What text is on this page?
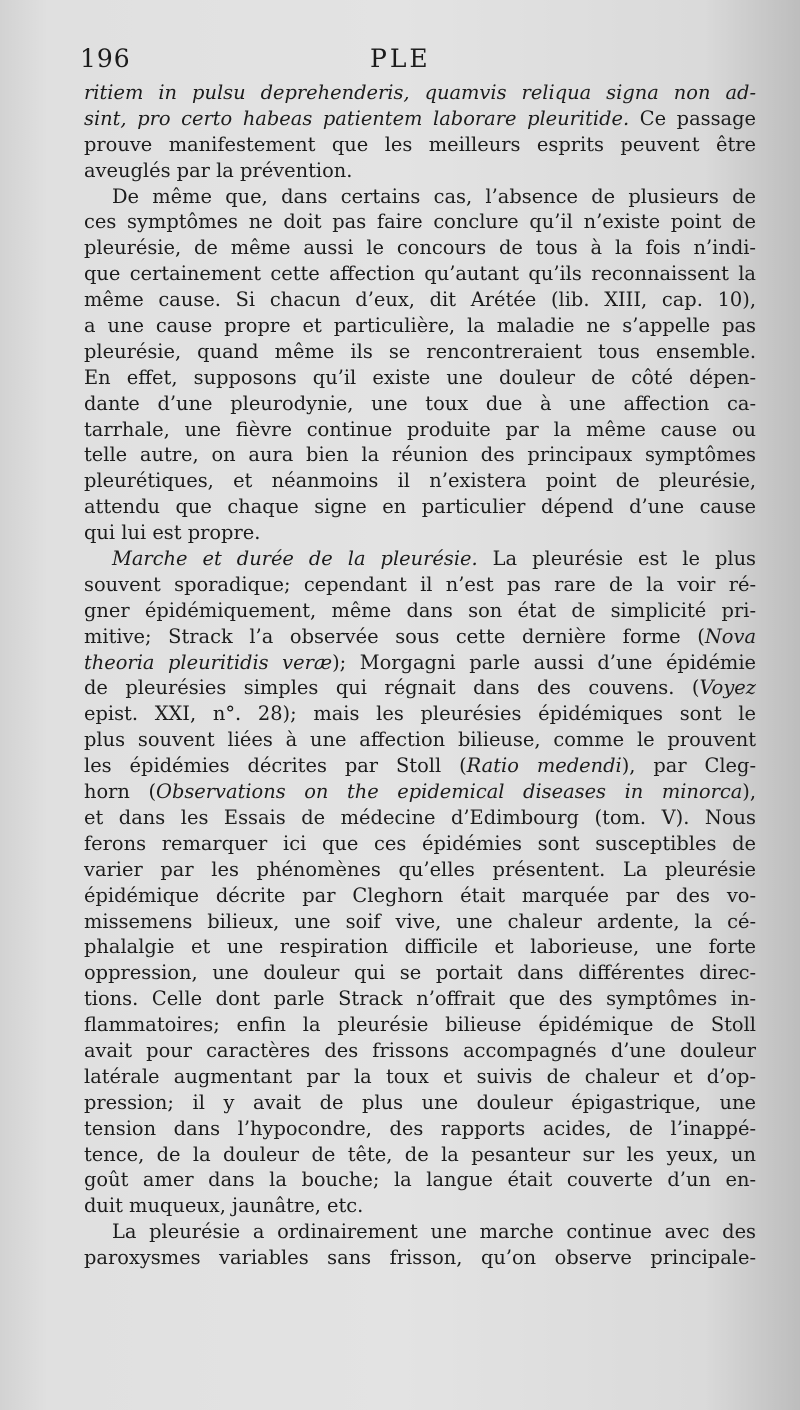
196	PLE
ritiem in pulsu deprehenderis, quamvis reliqua signa non ad-
sint, pro certo habeas patientem laborare pleuritide. Ce passage
prouve manifestement que les meilleurs esprits peuvent être
aveuglés par la prévention.
De même que, dans certains cas, l’absence de plusieurs de
ces symptômes ne doit pas faire conclure qu’il n’existe point de
pleurésie, de même aussi le concours de tous à la fois n’indi-
que certainement cette affection qu’autant qu’ils reconnaissent la
même cause. Si chacun d’eux, dit Arétée (lib. XIII, cap. 10),
a une cause propre et particulière, la maladie ne s’appelle pas
pleurésie, quand même ils se rencontreraient tous ensemble.
En effet, supposons qu’il existe une douleur de côté dépen-
dante d’une pleurodynie, une toux due à une affection ca-
tarrhale, une fièvre continue produite par la même cause ou
telle autre, on aura bien la réunion des principaux symptômes
pleurétiques, et néanmoins il n’existera point de pleurésie,
attendu que chaque signe en particulier dépend d’une cause
qui lui est propre.
Marche et durée de la pleurésie. La pleurésie est le plus
souvent sporadique; cependant il n’est pas rare de la voir ré-
gner épidémiquement, même dans son état de simplicité pri-
mitive; Strack l’a observée sous cette dernière forme (Nova
theoria pleuritidis veræ); Morgagni parle aussi d’une épidémie
de pleurésies simples qui régnait dans des couvens. (Voyez
epist. XXI, n°. 28); mais les pleurésies épidémiques sont le
plus souvent liées à une affection bilieuse, comme le prouvent
les épidémies décrites par Stoll (Ratio medendi), par Cleg-
horn (Observations on the epidemical diseases in minorca),
et dans les Essais de médecine d’Edimbourg (tom. V). Nous
ferons remarquer ici que ces épidémies sont susceptibles de
varier par les phénomènes qu’elles présentent. La pleurésie
épidémique décrite par Cleghorn était marquée par des vo-
missemens bilieux, une soif vive, une chaleur ardente, la cé-
phalalgie et une respiration difficile et laborieuse, une forte
oppression, une douleur qui se portait dans différentes direc-
tions. Celle dont parle Strack n’offrait que des symptômes in-
flammatoires; enfin la pleurésie bilieuse épidémique de Stoll
avait pour caractères des frissons accompagnés d’une douleur
latérale augmentant par la toux et suivis de chaleur et d’op-
pression; il y avait de plus une douleur épigastrique, une
tension dans l’hypocondre, des rapports acides, de l’inappé-
tence, de la douleur de tête, de la pesanteur sur les yeux, un
goût amer dans la bouche; la langue était couverte d’un en-
duit muqueux, jaunâtre, etc.
La pleurésie a ordinairement une marche continue avec des
paroxysmes variables sans frisson, qu’on observe principale-
